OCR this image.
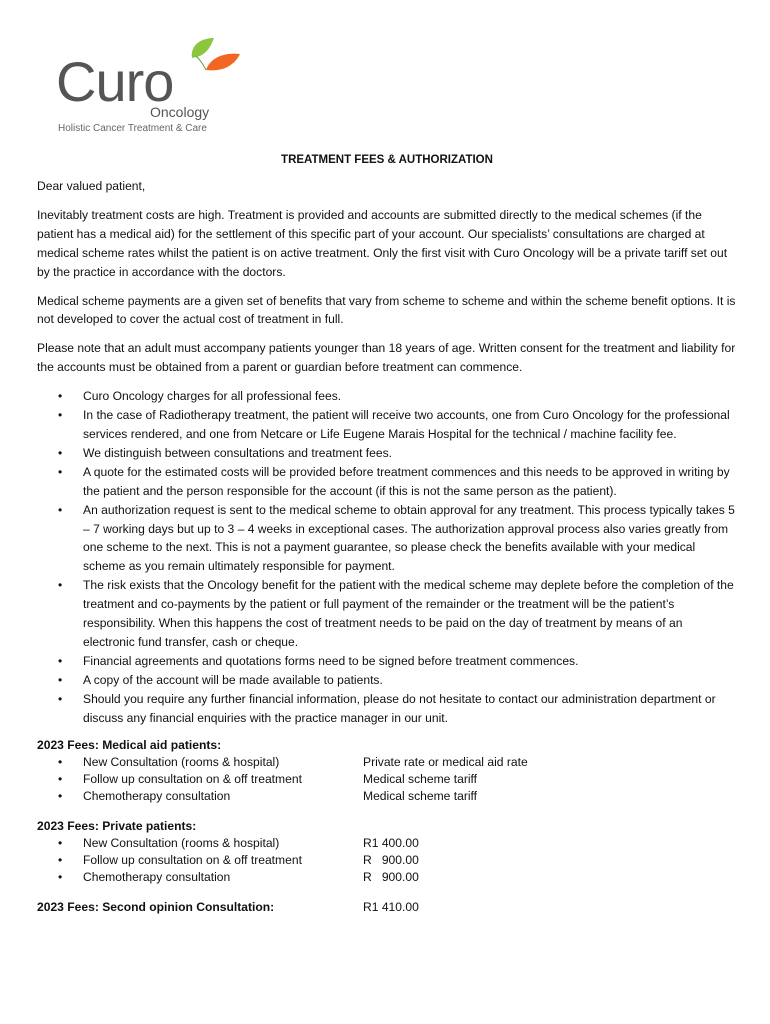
Curo
Oncology
Holistic Cancer Treatment & Care
TREATMENT FEES & AUTHORIZATION

Dear valued patient,

Inevitably treatment costs are high. Treatment is provided and accounts are submitted directly to the medical schemes (if the patient has a medical aid) for the settlement of this specific part of your account. Our specialists’ consultations are charged at medical scheme rates whilst the patient is on active treatment. Only the first visit with Curo Oncology will be a private tariff set out by the practice in accordance with the doctors.

Medical scheme payments are a given set of benefits that vary from scheme to scheme and within the scheme benefit options. It is not developed to cover the actual cost of treatment in full.

Please note that an adult must accompany patients younger than 18 years of age. Written consent for the treatment and liability for the accounts must be obtained from a parent or guardian before treatment can commence.

• Curo Oncology charges for all professional fees.
• In the case of Radiotherapy treatment, the patient will receive two accounts, one from Curo Oncology for the professional services rendered, and one from Netcare or Life Eugene Marais Hospital for the technical / machine facility fee.
• We distinguish between consultations and treatment fees.
• A quote for the estimated costs will be provided before treatment commences and this needs to be approved in writing by the patient and the person responsible for the account (if this is not the same person as the patient).
• An authorization request is sent to the medical scheme to obtain approval for any treatment. This process typically takes 5 – 7 working days but up to 3 – 4 weeks in exceptional cases. The authorization approval process also varies greatly from one scheme to the next. This is not a payment guarantee, so please check the benefits available with your medical scheme as you remain ultimately responsible for payment.
• The risk exists that the Oncology benefit for the patient with the medical scheme may deplete before the completion of the treatment and co-payments by the patient or full payment of the remainder or the treatment will be the patient’s responsibility. When this happens the cost of treatment needs to be paid on the day of treatment by means of an electronic fund transfer, cash or cheque.
• Financial agreements and quotations forms need to be signed before treatment commences.
• A copy of the account will be made available to patients.
• Should you require any further financial information, please do not hesitate to contact our administration department or discuss any financial enquiries with the practice manager in our unit.
2023 Fees: Medical aid patients:
• New Consultation (rooms & hospital)	Private rate or medical aid rate
• Follow up consultation on & off treatment	Medical scheme tariff
• Chemotherapy consultation	Medical scheme tariff
2023 Fees: Private patients:
• New Consultation (rooms & hospital)	R1 400.00
• Follow up consultation on & off treatment	R   900.00
• Chemotherapy consultation	R   900.00
2023 Fees: Second opinion Consultation:	R1 410.00
